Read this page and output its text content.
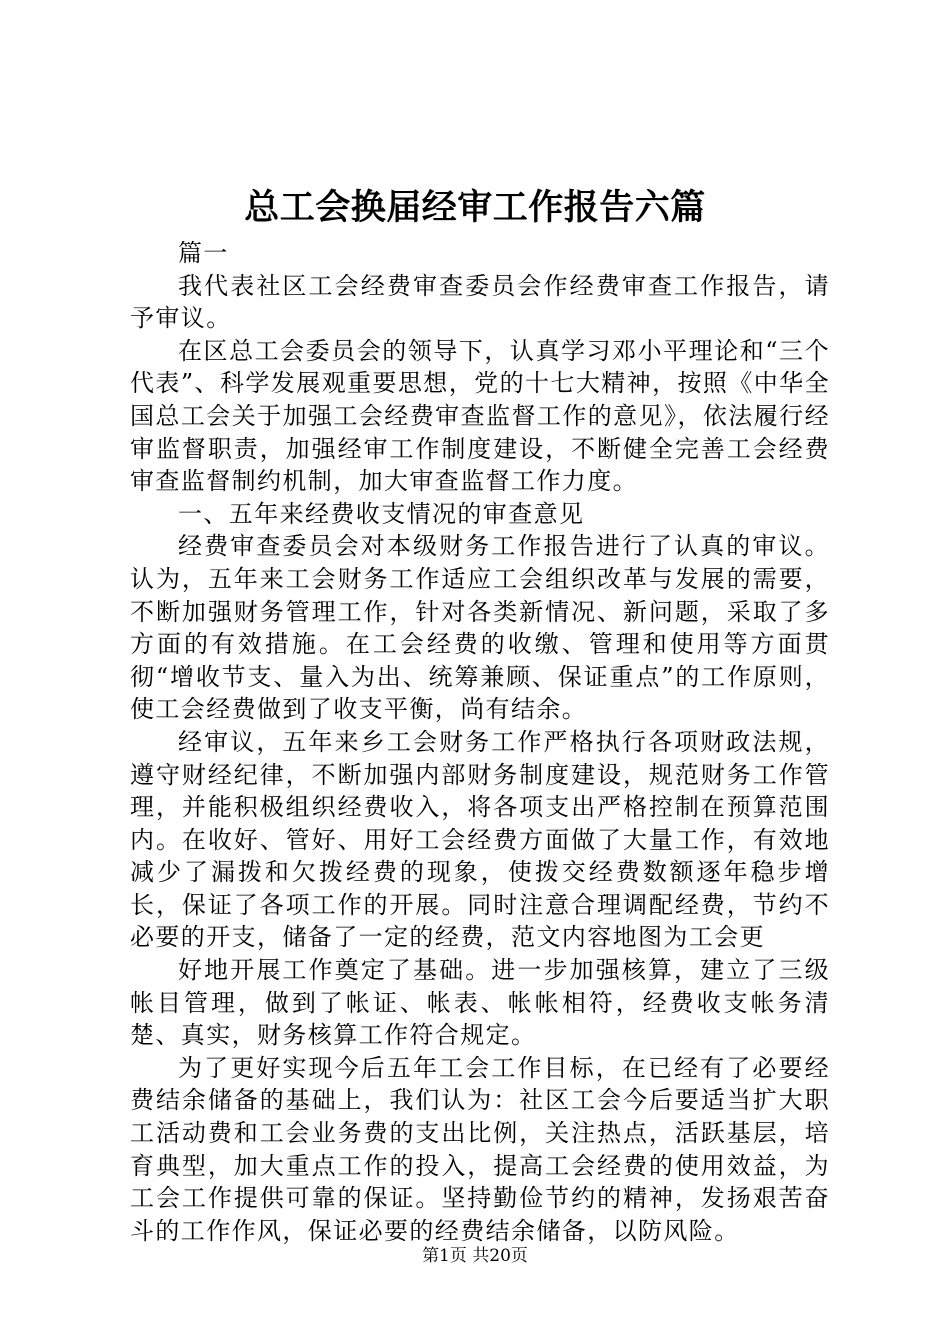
总工会换届经审工作报告六篇

篇一

我代表社区工会经费审查委员会作经费审查工作报告，请予审议。

在区总工会委员会的领导下，认真学习邓小平理论和“三个代表”、科学发展观重要思想，党的十七大精神，按照《中华全国总工会关于加强工会经费审查监督工作的意见》，依法履行经审监督职责，加强经审工作制度建设，不断健全完善工会经费审查监督制约机制，加大审查监督工作力度。

一、五年来经费收支情况的审查意见

经费审查委员会对本级财务工作报告进行了认真的审议。认为，五年来工会财务工作适应工会组织改革与发展的需要，不断加强财务管理工作，针对各类新情况、新问题，采取了多方面的有效措施。在工会经费的收缴、管理和使用等方面贯彻“增收节支、量入为出、统筹兼顾、保证重点”的工作原则，使工会经费做到了收支平衡，尚有结余。

经审议，五年来乡工会财务工作严格执行各项财政法规，遵守财经纪律，不断加强内部财务制度建设，规范财务工作管理，并能积极组织经费收入，将各项支出严格控制在预算范围内。在收好、管好、用好工会经费方面做了大量工作，有效地减少了漏拨和欠拨经费的现象，使拨交经费数额逐年稳步增长，保证了各项工作的开展。同时注意合理调配经费，节约不必要的开支，储备了一定的经费，范文内容地图为工会更

好地开展工作奠定了基础。进一步加强核算，建立了三级帐目管理，做到了帐证、帐表、帐帐相符，经费收支帐务清楚、真实，财务核算工作符合规定。

为了更好实现今后五年工会工作目标，在已经有了必要经费结余储备的基础上，我们认为：社区工会今后要适当扩大职工活动费和工会业务费的支出比例，关注热点，活跃基层，培育典型，加大重点工作的投入，提高工会经费的使用效益，为工会工作提供可靠的保证。坚持勤俭节约的精神，发扬艰苦奋斗的工作作风，保证必要的经费结余储备，以防风险。

第1页 共20页
